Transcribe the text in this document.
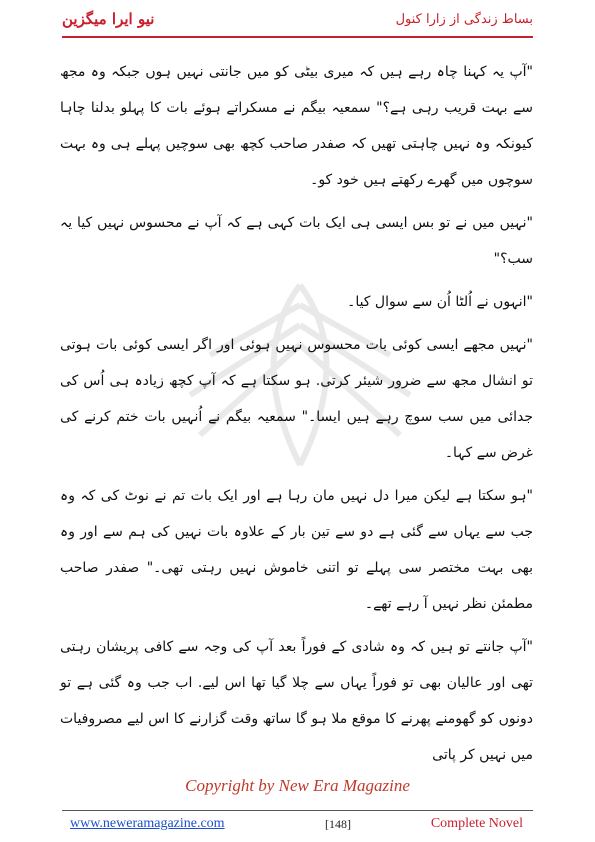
نیو ایرا میگزین	بساط زندگی از زارا کنول

"آپ یہ کہنا چاہ رہے ہیں کہ میری بیٹی کو میں جانتی نہیں ہوں جبکہ وہ مجھ سے بہت قریب رہی ہے؟" سمعیہ بیگم نے مسکراتے ہوئے بات کا پہلو بدلنا چاہا کیونکہ وہ نہیں چاہتی تھیں کہ صفدر صاحب کچھ بھی سوچیں پہلے ہی وہ بہت سوچوں میں گھرے رکھتے ہیں خود کو۔

"نہیں میں نے تو بس ایسی ہی ایک بات کہی ہے کہ آپ نے محسوس نہیں کیا یہ سب؟"

"انہوں نے اُلٹا اُن سے سوال کیا۔

"نہیں مجھے ایسی کوئی بات محسوس نہیں ہوئی اور اگر ایسی کوئی بات ہوتی تو انشال مجھ سے ضرور شیئر کرتی. ہو سکتا ہے کہ آپ کچھ زیادہ ہی اُس کی جدائی میں سب سوچ رہے ہیں ایسا۔" سمعیہ بیگم نے اُنہیں بات ختم کرنے کی غرض سے کہا۔

"ہو سکتا ہے لیکن میرا دل نہیں مان رہا ہے اور ایک بات تم نے نوٹ کی کہ وہ جب سے یہاں سے گئی ہے دو سے تین بار کے علاوہ بات نہیں کی ہم سے اور وہ بھی بہت مختصر سی پہلے تو اتنی خاموش نہیں رہتی تھی۔" صفدر صاحب مطمئن نظر نہیں آ رہے تھے۔

"آپ جانتے تو ہیں کہ وہ شادی کے فوراً بعد آپ کی وجہ سے کافی پریشان رہتی تھی اور عالیان بھی تو فوراً یہاں سے چلا گیا تھا اس لیے. اب جب وہ گئی ہے تو دونوں کو گھومنے پھرنے کا موقع ملا ہو گا ساتھ وقت گزارنے کا اس لیے مصروفیات میں نہیں کر پاتی

Copyright by New Era Magazine
www.neweramagazine.com	[148]	Complete Novel
